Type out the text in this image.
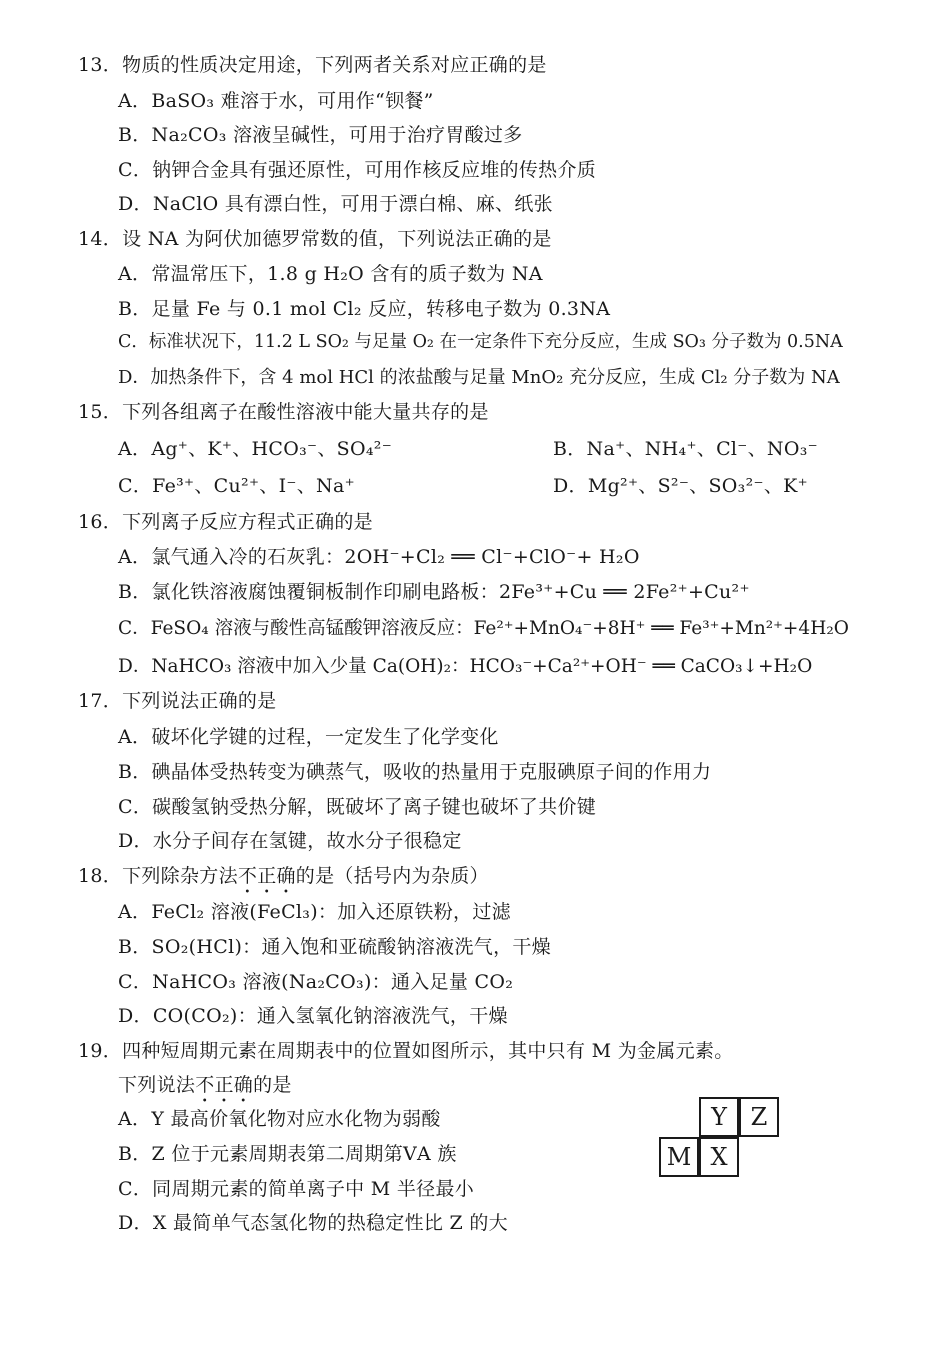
13．物质的性质决定用途，下列两者关系对应正确的是
A．BaSO₃ 难溶于水，可用作“钡餐”
B．Na₂CO₃ 溶液呈碱性，可用于治疗胃酸过多
C．钠钾合金具有强还原性，可用作核反应堆的传热介质
D．NaClO 具有漂白性，可用于漂白棉、麻、纸张
14．设 NA 为阿伏加德罗常数的值，下列说法正确的是
A．常温常压下，1.8 g H₂O 含有的质子数为 NA
B．足量 Fe 与 0.1 mol Cl₂ 反应，转移电子数为 0.3NA
C．标准状况下，11.2 L SO₂ 与足量 O₂ 在一定条件下充分反应，生成 SO₃ 分子数为 0.5NA
D．加热条件下，含 4 mol HCl 的浓盐酸与足量 MnO₂ 充分反应，生成 Cl₂ 分子数为 NA
15．下列各组离子在酸性溶液中能大量共存的是
A．Ag⁺、K⁺、HCO₃⁻、SO₄²⁻	B．Na⁺、NH₄⁺、Cl⁻、NO₃⁻
C．Fe³⁺、Cu²⁺、I⁻、Na⁺	D．Mg²⁺、S²⁻、SO₃²⁻、K⁺
16．下列离子反应方程式正确的是
A．氯气通入冷的石灰乳：2OH⁻+Cl₂ ══ Cl⁻+ClO⁻+ H₂O
B．氯化铁溶液腐蚀覆铜板制作印刷电路板：2Fe³⁺+Cu ══ 2Fe²⁺+Cu²⁺
C．FeSO₄ 溶液与酸性高锰酸钾溶液反应：Fe²⁺+MnO₄⁻+8H⁺ ══ Fe³⁺+Mn²⁺+4H₂O
D．NaHCO₃ 溶液中加入少量 Ca(OH)₂：HCO₃⁻+Ca²⁺+OH⁻ ══ CaCO₃↓+H₂O
17．下列说法正确的是
A．破坏化学键的过程，一定发生了化学变化
B．碘晶体受热转变为碘蒸气，吸收的热量用于克服碘原子间的作用力
C．碳酸氢钠受热分解，既破坏了离子键也破坏了共价键
D．水分子间存在氢键，故水分子很稳定
18．下列除杂方法不正确的是（括号内为杂质）
A．FeCl₂ 溶液(FeCl₃)：加入还原铁粉，过滤
B．SO₂(HCl)：通入饱和亚硫酸钠溶液洗气，干燥
C．NaHCO₃ 溶液(Na₂CO₃)：通入足量 CO₂
D．CO(CO₂)：通入氢氧化钠溶液洗气，干燥
19．四种短周期元素在周期表中的位置如图所示，其中只有 M 为金属元素。
下列说法不正确的是
A．Y 最高价氧化物对应水化物为弱酸
B．Z 位于元素周期表第二周期第ⅤA 族
C．同周期元素的简单离子中 M 半径最小
D．X 最简单气态氢化物的热稳定性比 Z 的大
Y Z
M X
